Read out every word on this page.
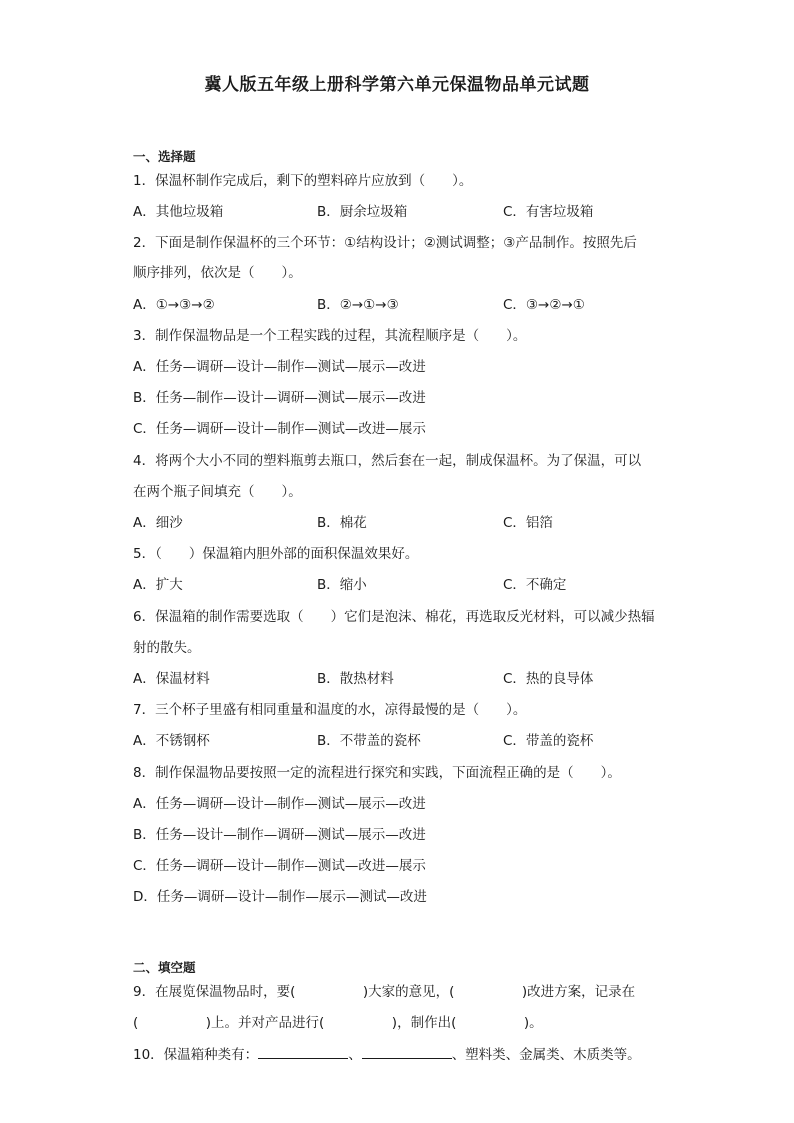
冀人版五年级上册科学第六单元保温物品单元试题
一、选择题
1．保温杯制作完成后，剩下的塑料碎片应放到（　　）。
A．其他垃圾箱	B．厨余垃圾箱	C．有害垃圾箱
2．下面是制作保温杯的三个环节：①结构设计；②测试调整；③产品制作。按照先后
顺序排列，依次是（　　）。
A．①→③→②	B．②→①→③	C．③→②→①
3．制作保温物品是一个工程实践的过程，其流程顺序是（　　）。
A．任务—调研—设计—制作—测试—展示—改进
B．任务—制作—设计—调研—测试—展示—改进
C．任务—调研—设计—制作—测试—改进—展示
4．将两个大小不同的塑料瓶剪去瓶口，然后套在一起，制成保温杯。为了保温，可以
在两个瓶子间填充（　　）。
A．细沙	B．棉花	C．铝箔
5．（　　）保温箱内胆外部的面积保温效果好。
A．扩大	B．缩小	C．不确定
6．保温箱的制作需要选取（　　）它们是泡沫、棉花，再选取反光材料，可以减少热辐
射的散失。
A．保温材料	B．散热材料	C．热的良导体
7．三个杯子里盛有相同重量和温度的水，凉得最慢的是（　　）。
A．不锈钢杯	B．不带盖的瓷杯	C．带盖的瓷杯
8．制作保温物品要按照一定的流程进行探究和实践，下面流程正确的是（　　）。
A．任务—调研—设计—制作—测试—展示—改进
B．任务—设计—制作—调研—测试—展示—改进
C．任务—调研—设计—制作—测试—改进—展示
D．任务—调研—设计—制作—展示—测试—改进
二、填空题
9．在展览保温物品时，要(　　　　　)大家的意见，(　　　　　)改进方案，记录在
(　　　　　)上。并对产品进行(　　　　　)，制作出(　　　　　)。
10．保温箱种类有：	、	、塑料类、金属类、木质类等。
